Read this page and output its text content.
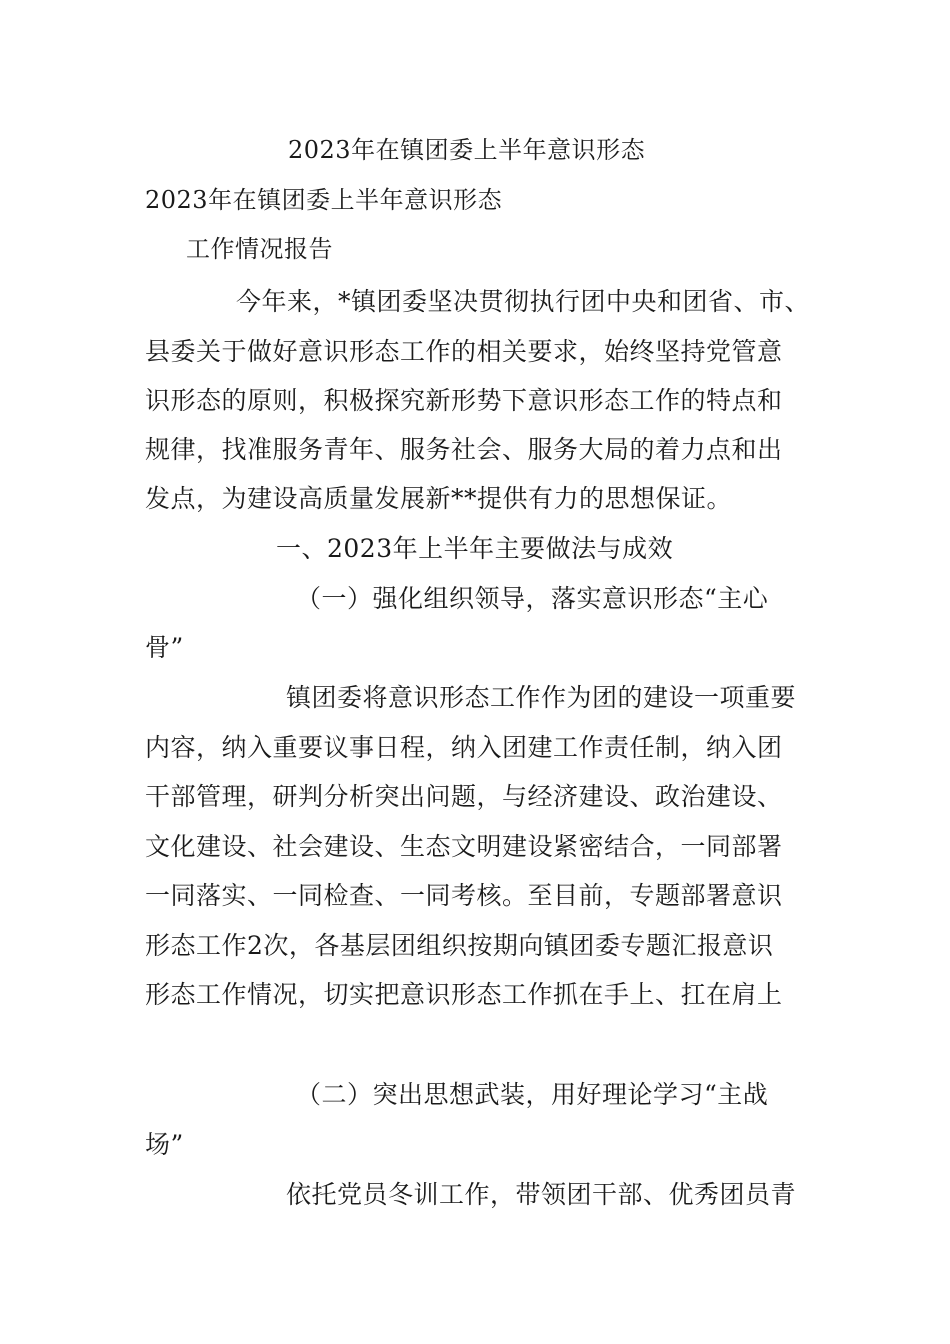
2023年在镇团委上半年意识形态
2023年在镇团委上半年意识形态
工作情况报告
今年来，*镇团委坚决贯彻执行团中央和团省、市、
县委关于做好意识形态工作的相关要求，始终坚持党管意
识形态的原则，积极探究新形势下意识形态工作的特点和
规律，找准服务青年、服务社会、服务大局的着力点和出
发点，为建设高质量发展新**提供有力的思想保证。
一、2023年上半年主要做法与成效
（一）强化组织领导，落实意识形态“主心
骨”
镇团委将意识形态工作作为团的建设一项重要
内容，纳入重要议事日程，纳入团建工作责任制，纳入团
干部管理，研判分析突出问题，与经济建设、政治建设、
文化建设、社会建设、生态文明建设紧密结合，一同部署
一同落实、一同检查、一同考核。至目前，专题部署意识
形态工作2次，各基层团组织按期向镇团委专题汇报意识
形态工作情况，切实把意识形态工作抓在手上、扛在肩上
（二）突出思想武装，用好理论学习“主战
场”
依托党员冬训工作，带领团干部、优秀团员青
